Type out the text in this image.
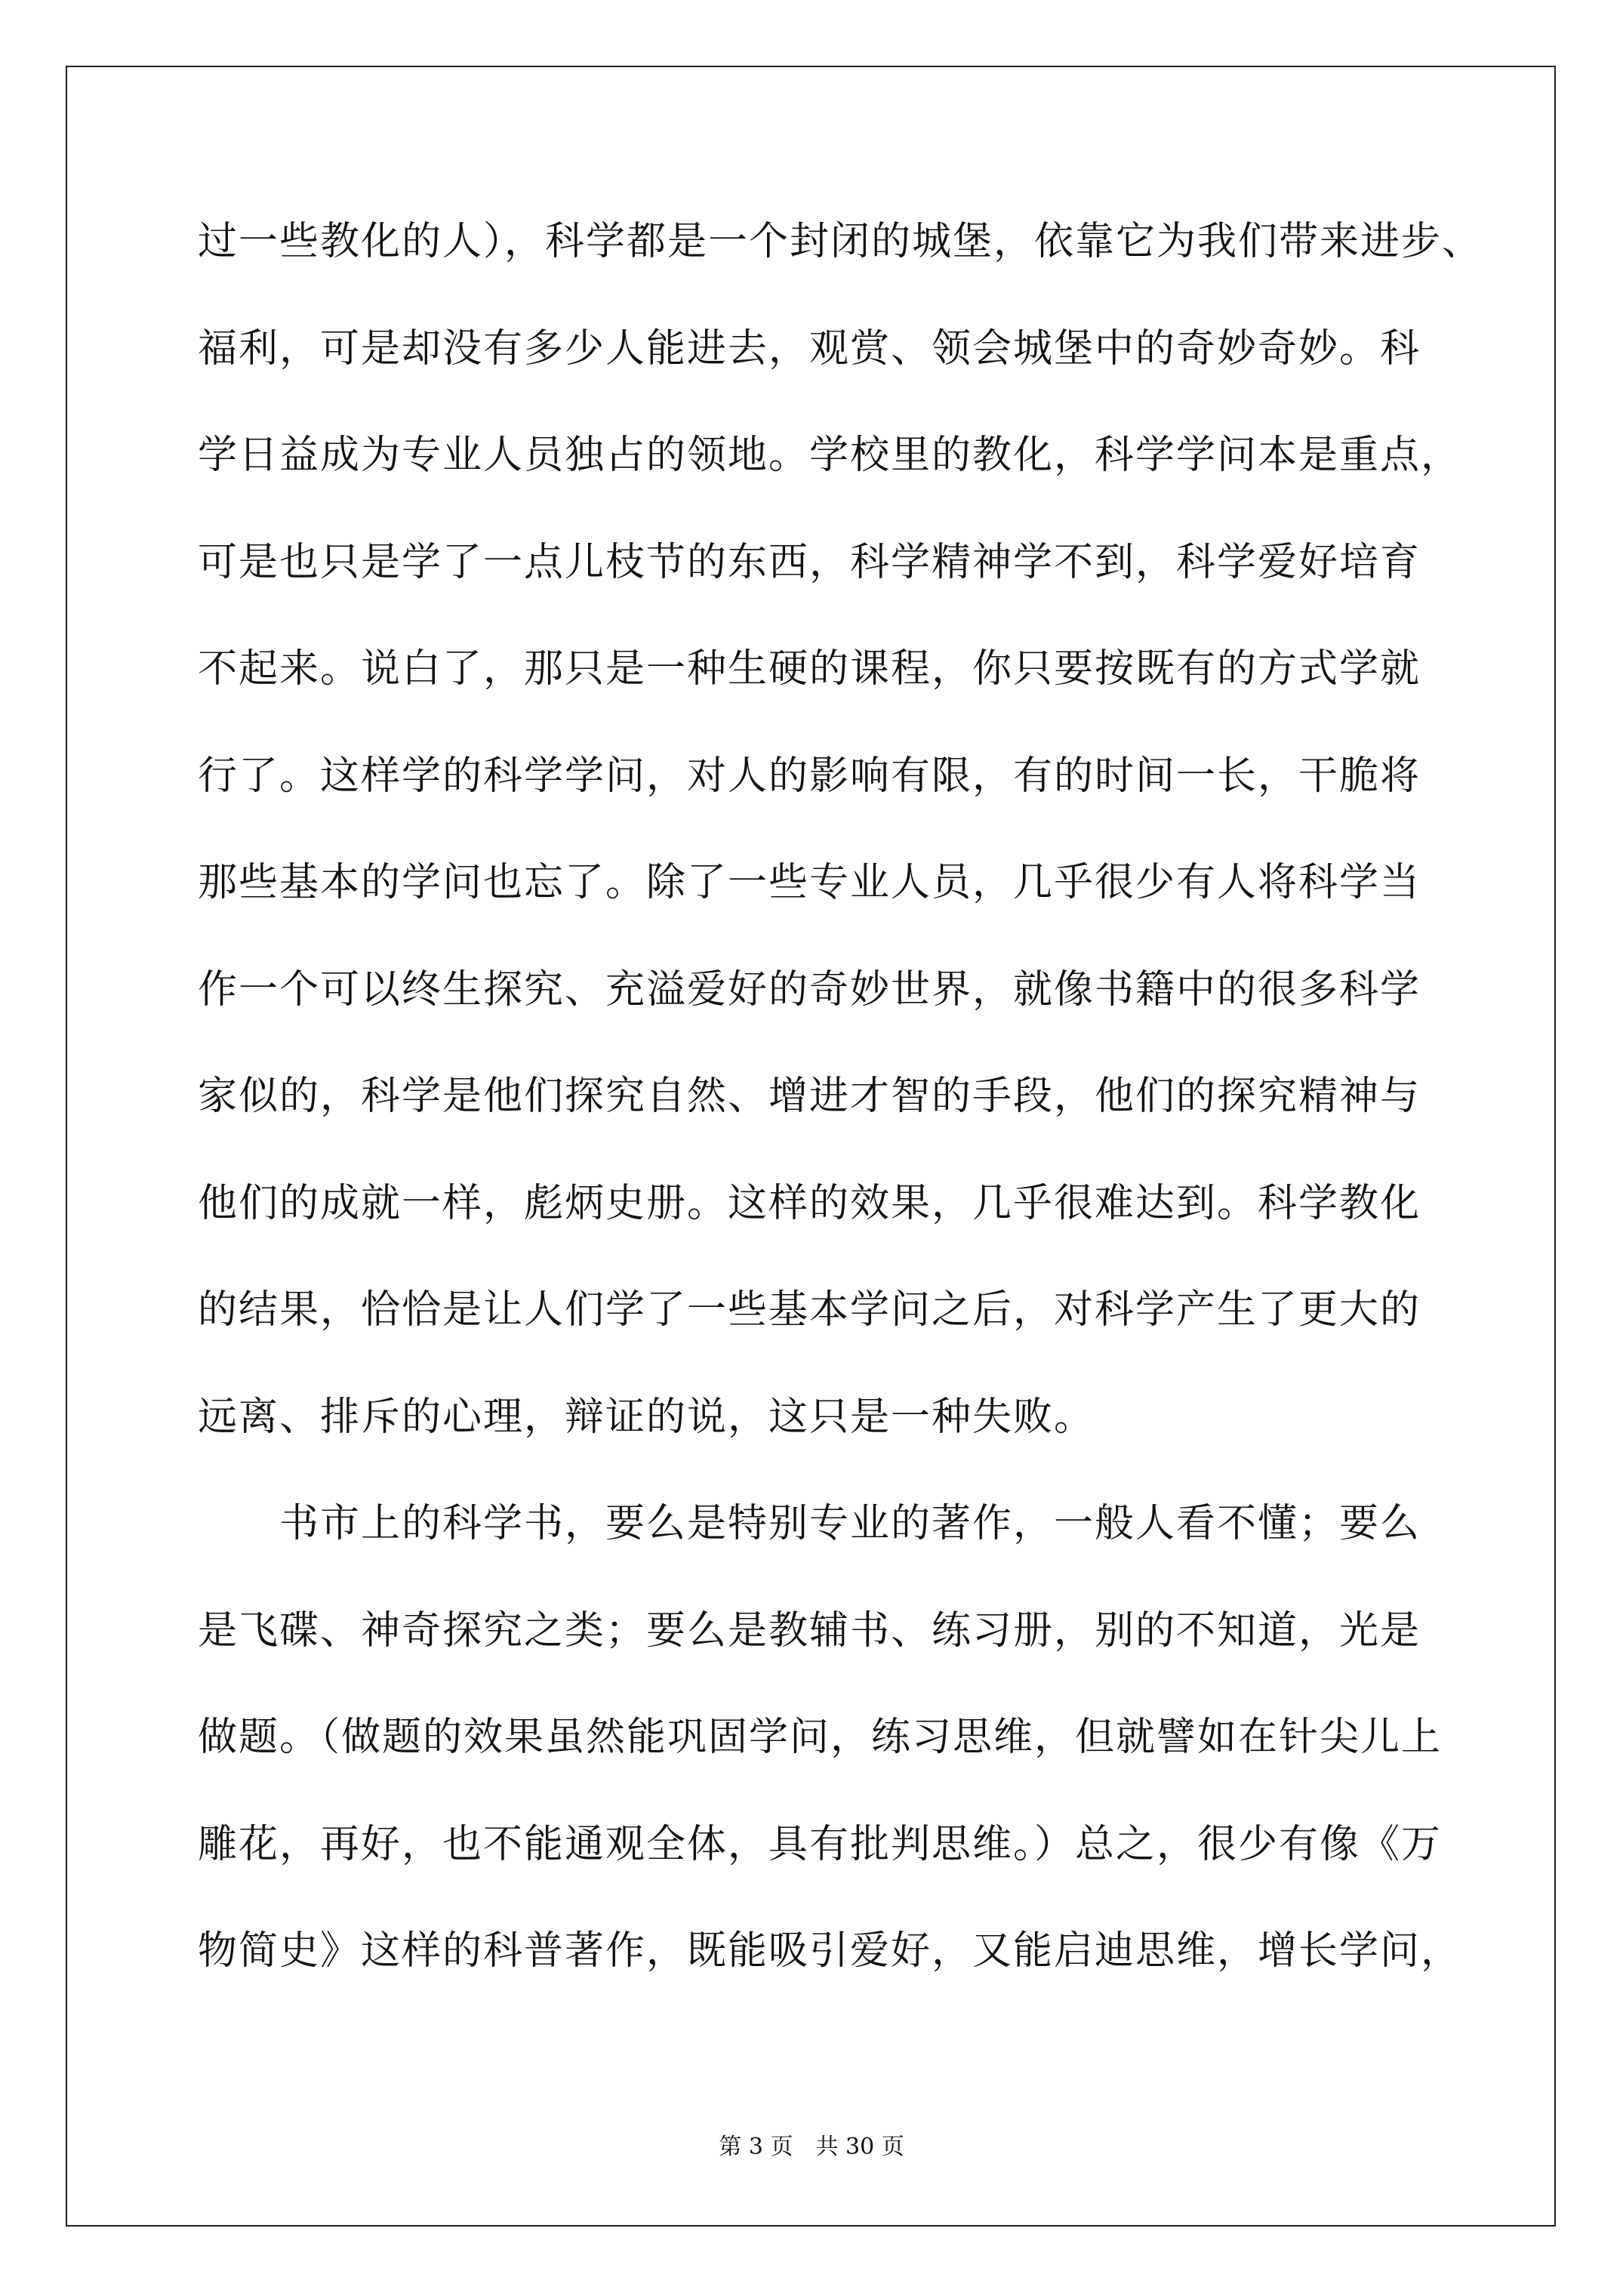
过一些教化的人），科学都是一个封闭的城堡，依靠它为我们带来进步、
福利，可是却没有多少人能进去，观赏、领会城堡中的奇妙奇妙。科
学日益成为专业人员独占的领地。学校里的教化，科学学问本是重点，
可是也只是学了一点儿枝节的东西，科学精神学不到，科学爱好培育
不起来。说白了，那只是一种生硬的课程，你只要按既有的方式学就
行了。这样学的科学学问，对人的影响有限，有的时间一长，干脆将
那些基本的学问也忘了。除了一些专业人员，几乎很少有人将科学当
作一个可以终生探究、充溢爱好的奇妙世界，就像书籍中的很多科学
家似的，科学是他们探究自然、增进才智的手段，他们的探究精神与
他们的成就一样，彪炳史册。这样的效果，几乎很难达到。科学教化
的结果，恰恰是让人们学了一些基本学问之后，对科学产生了更大的
远离、排斥的心理，辩证的说，这只是一种失败。
　　书市上的科学书，要么是特别专业的著作，一般人看不懂；要么
是飞碟、神奇探究之类；要么是教辅书、练习册，别的不知道，光是
做题。（做题的效果虽然能巩固学问，练习思维，但就譬如在针尖儿上
雕花，再好，也不能通观全体，具有批判思维。）总之，很少有像《万
物简史》这样的科普著作，既能吸引爱好，又能启迪思维，增长学问，
第 3 页　共 30 页
